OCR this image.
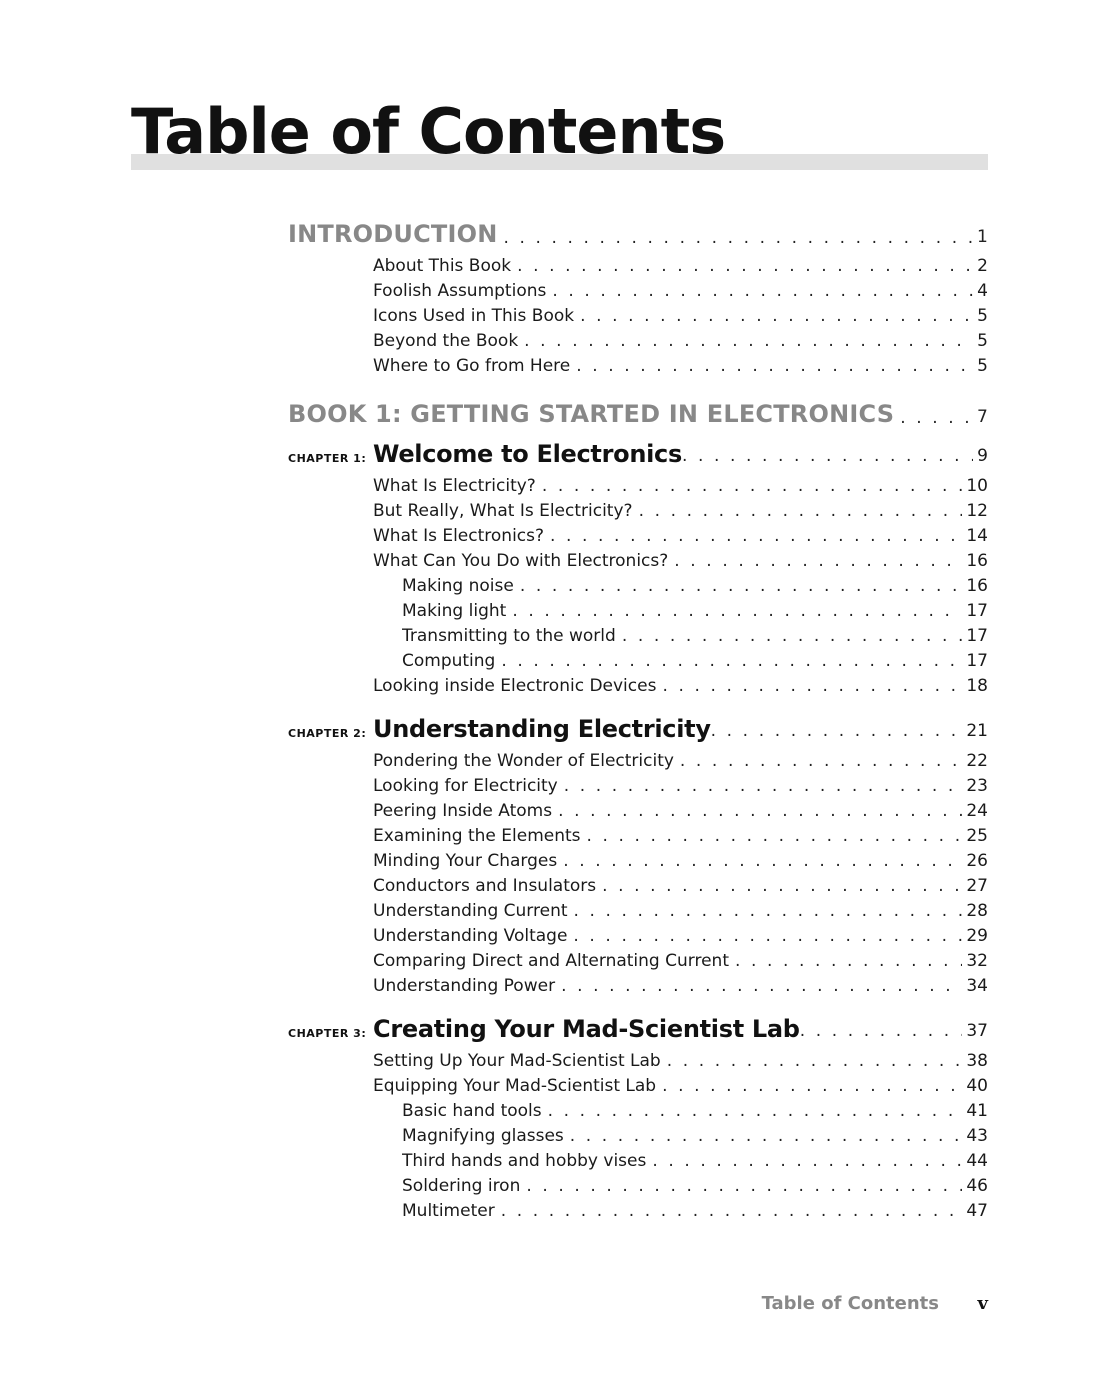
Table of Contents
INTRODUCTION . . .	1
About This Book . . .	2
Foolish Assumptions . . .	4
Icons Used in This Book . . .	5
Beyond the Book . . .	5
Where to Go from Here . . .	5
BOOK 1: GETTING STARTED IN ELECTRONICS . . .	7
CHAPTER 1: Welcome to Electronics . . .	9
What Is Electricity? . . .	10
But Really, What Is Electricity? . . .	12
What Is Electronics? . . .	14
What Can You Do with Electronics? . . .	16
Making noise . . .	16
Making light . . .	17
Transmitting to the world . . .	17
Computing . . .	17
Looking inside Electronic Devices . . .	18
CHAPTER 2: Understanding Electricity . . .	21
Pondering the Wonder of Electricity . . .	22
Looking for Electricity . . .	23
Peering Inside Atoms . . .	24
Examining the Elements . . .	25
Minding Your Charges . . .	26
Conductors and Insulators . . .	27
Understanding Current . . .	28
Understanding Voltage . . .	29
Comparing Direct and Alternating Current . . .	32
Understanding Power . . .	34
CHAPTER 3: Creating Your Mad-Scientist Lab . . .	37
Setting Up Your Mad-Scientist Lab . . .	38
Equipping Your Mad-Scientist Lab . . .	40
Basic hand tools . . .	41
Magnifying glasses . . .	43
Third hands and hobby vises . . .	44
Soldering iron . . .	46
Multimeter . . .	47
Table of Contents v
